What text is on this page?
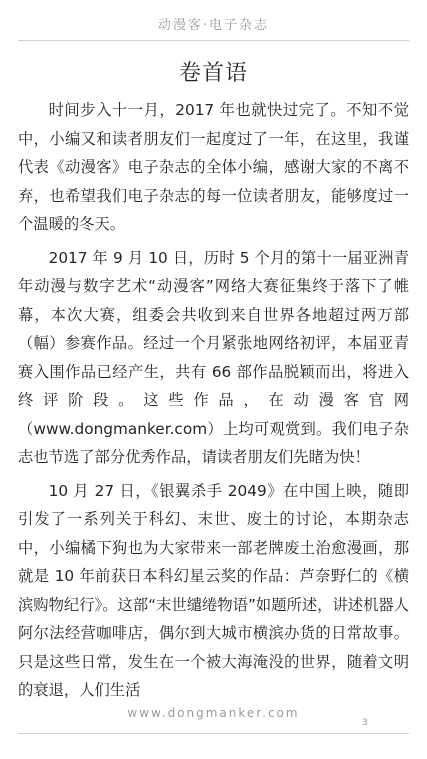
动漫客·电子杂志
卷首语

时间步入十一月，2017 年也就快过完了。不知不觉中，小编又和读者朋友们一起度过了一年，在这里，我谨代表《动漫客》电子杂志的全体小编，感谢大家的不离不弃，也希望我们电子杂志的每一位读者朋友，能够度过一个温暖的冬天。

2017 年 9 月 10 日，历时 5 个月的第十一届亚洲青年动漫与数字艺术“动漫客”网络大赛征集终于落下了帷幕，本次大赛，组委会共收到来自世界各地超过两万部（幅）参赛作品。经过一个月紧张地网络初评，本届亚青赛入围作品已经产生，共有 66 部作品脱颖而出，将进入终评阶段。这些作品，在动漫客官网（www.dongmanker.com）上均可观赏到。我们电子杂志也节选了部分优秀作品，请读者朋友们先睹为快！

10 月 27 日，《银翼杀手 2049》在中国上映，随即引发了一系列关于科幻、末世、废土的讨论，本期杂志中，小编橘下狗也为大家带来一部老牌废土治愈漫画，那就是 10 年前获日本科幻星云奖的作品：芦奈野仁的《横滨购物纪行》。这部“末世缱绻物语”如题所述，讲述机器人阿尔法经营咖啡店，偶尔到大城市横滨办货的日常故事。只是这些日常，发生在一个被大海淹没的世界，随着文明的衰退，人们生活

www.dongmanker.com
3
